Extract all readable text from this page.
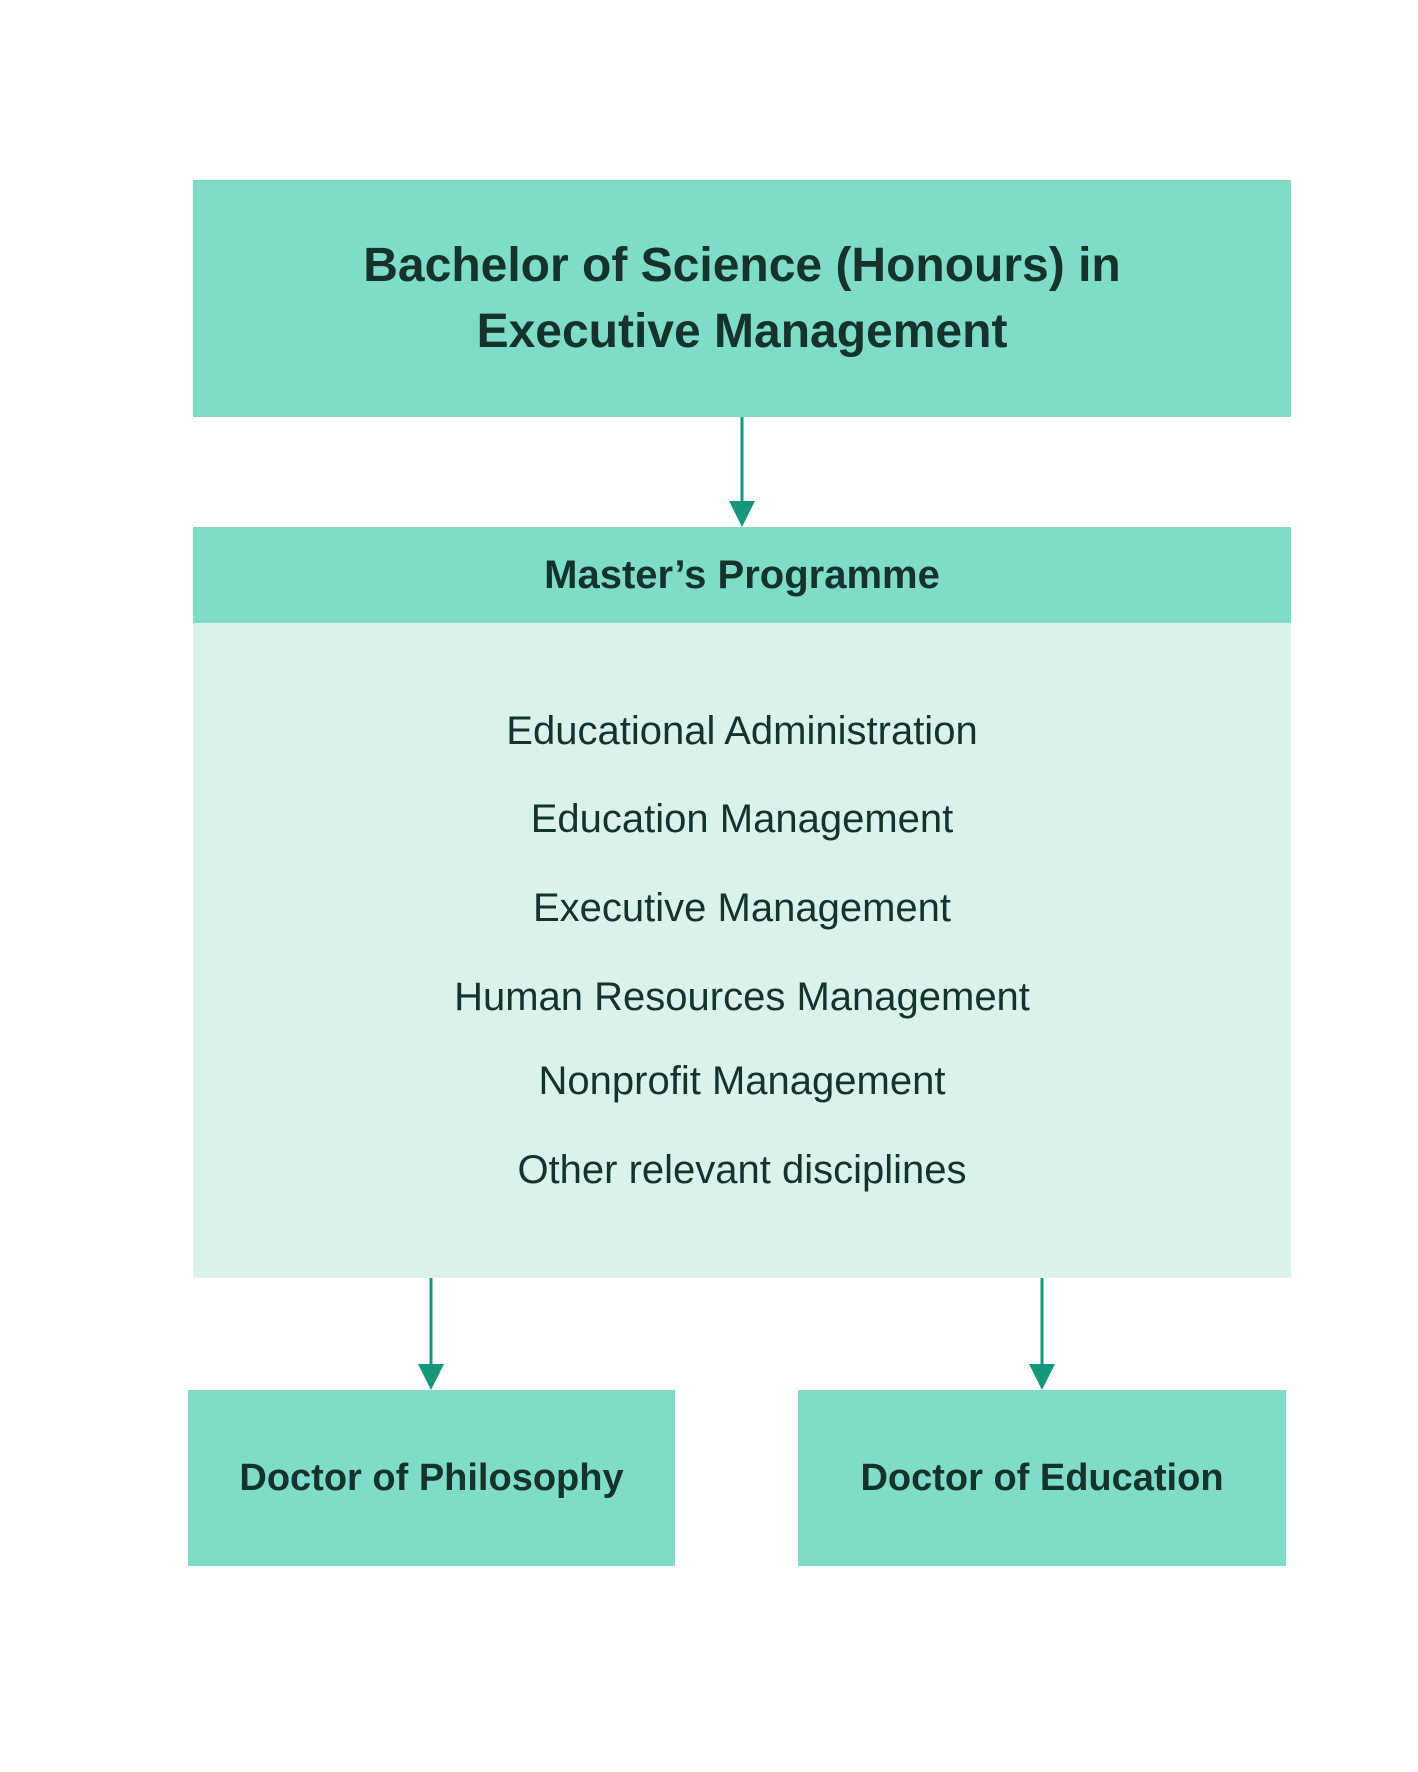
Bachelor of Science (Honours) in Executive Management
Master’s Programme
Educational Administration
Education Management
Executive Management
Human Resources Management
Nonprofit Management
Other relevant disciplines
Doctor of Philosophy	Doctor of Education
